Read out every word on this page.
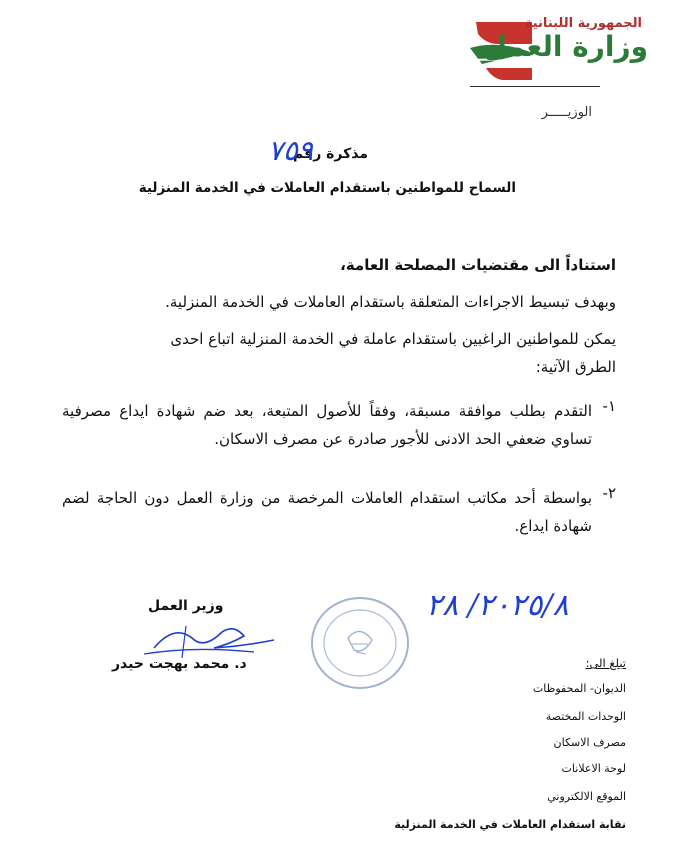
الجمهورية اللبنانية
وزارة العمل
الوزيـــــر
مذكرة رقم
٧٥٩
السماح للمواطنين باستقدام العاملات في الخدمة المنزلية
استناداً الى مقتضيات المصلحة العامة،
وبهدف تبسيط الاجراءات المتعلقة باستقدام العاملات في الخدمة المنزلية.
يمكن للمواطنين الراغبين باستقدام عاملة في الخدمة المنزلية اتباع احدى
الطرق الآتية:
-١
التقدم بطلب موافقة مسبقة، وفقاً للأصول المتبعة، بعد ضم شهادة ايداع مصرفية تساوي ضعفي الحد الادنى للأجور صادرة عن مصرف الاسكان.
-٢
بواسطة أحد مكاتب استقدام العاملات المرخصة من وزارة العمل دون الحاجة لضم شهادة ايداع.
٢٠٢٥/٨/ ٢٨
وزير العمل
د. محمد بهجت حيدر	تبلغ الى:
الديوان- المحفوظات
الوحدات المختصة
مصرف الاسكان
لوحة الاعلانات
الموقع الالكتروني
نقابة استقدام العاملات في الخدمة المنزلية
